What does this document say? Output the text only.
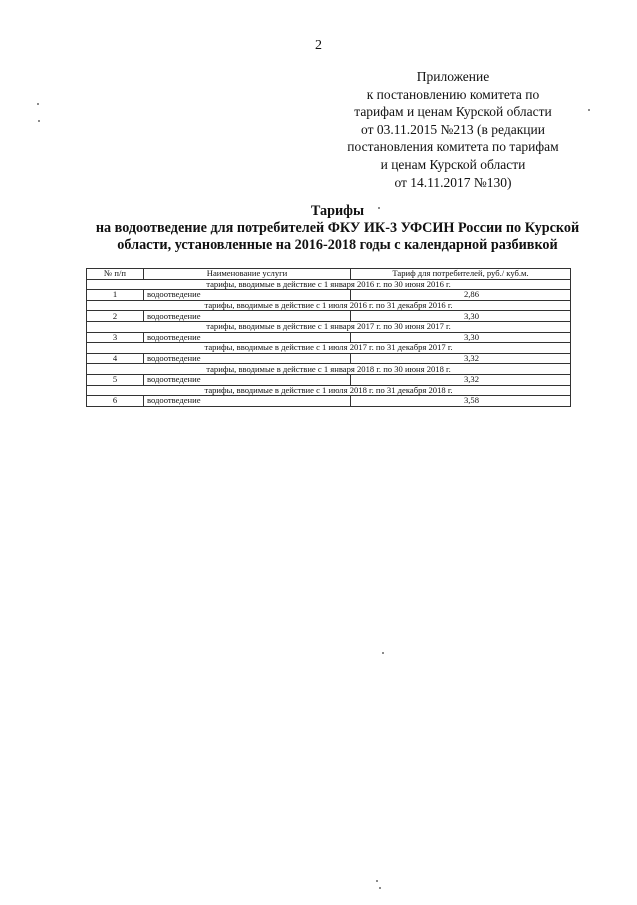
2
Приложение
к постановлению комитета по
тарифам и ценам Курской области
от 03.11.2015 №213 (в редакции
постановления комитета по тарифам
и ценам Курской области
от 14.11.2017 №130)
Тарифы
на водоотведение для потребителей ФКУ ИК-3 УФСИН России по Курской
области, установленные на 2016-2018 годы с календарной разбивкой
№ п/п	Наименование услуги	Тариф для потребителей, руб./ куб.м.
тарифы, вводимые в действие с 1 января 2016 г. по 30 июня 2016 г.		
1	водоотведение	2,86
тарифы, вводимые в действие с 1 июля 2016 г. по 31 декабря 2016 г.		
2	водоотведение	3,30
тарифы, вводимые в действие с 1 января 2017 г. по 30 июня 2017 г.		
3	водоотведение	3,30
тарифы, вводимые в действие с 1 июля 2017 г. по 31 декабря 2017 г.		
4	водоотведение	3,32
тарифы, вводимые в действие с 1 января 2018 г. по 30 июня 2018 г.		
5	водоотведение	3,32
тарифы, вводимые в действие с 1 июля 2018 г. по 31 декабря 2018 г.		
6	водоотведение	3,58
